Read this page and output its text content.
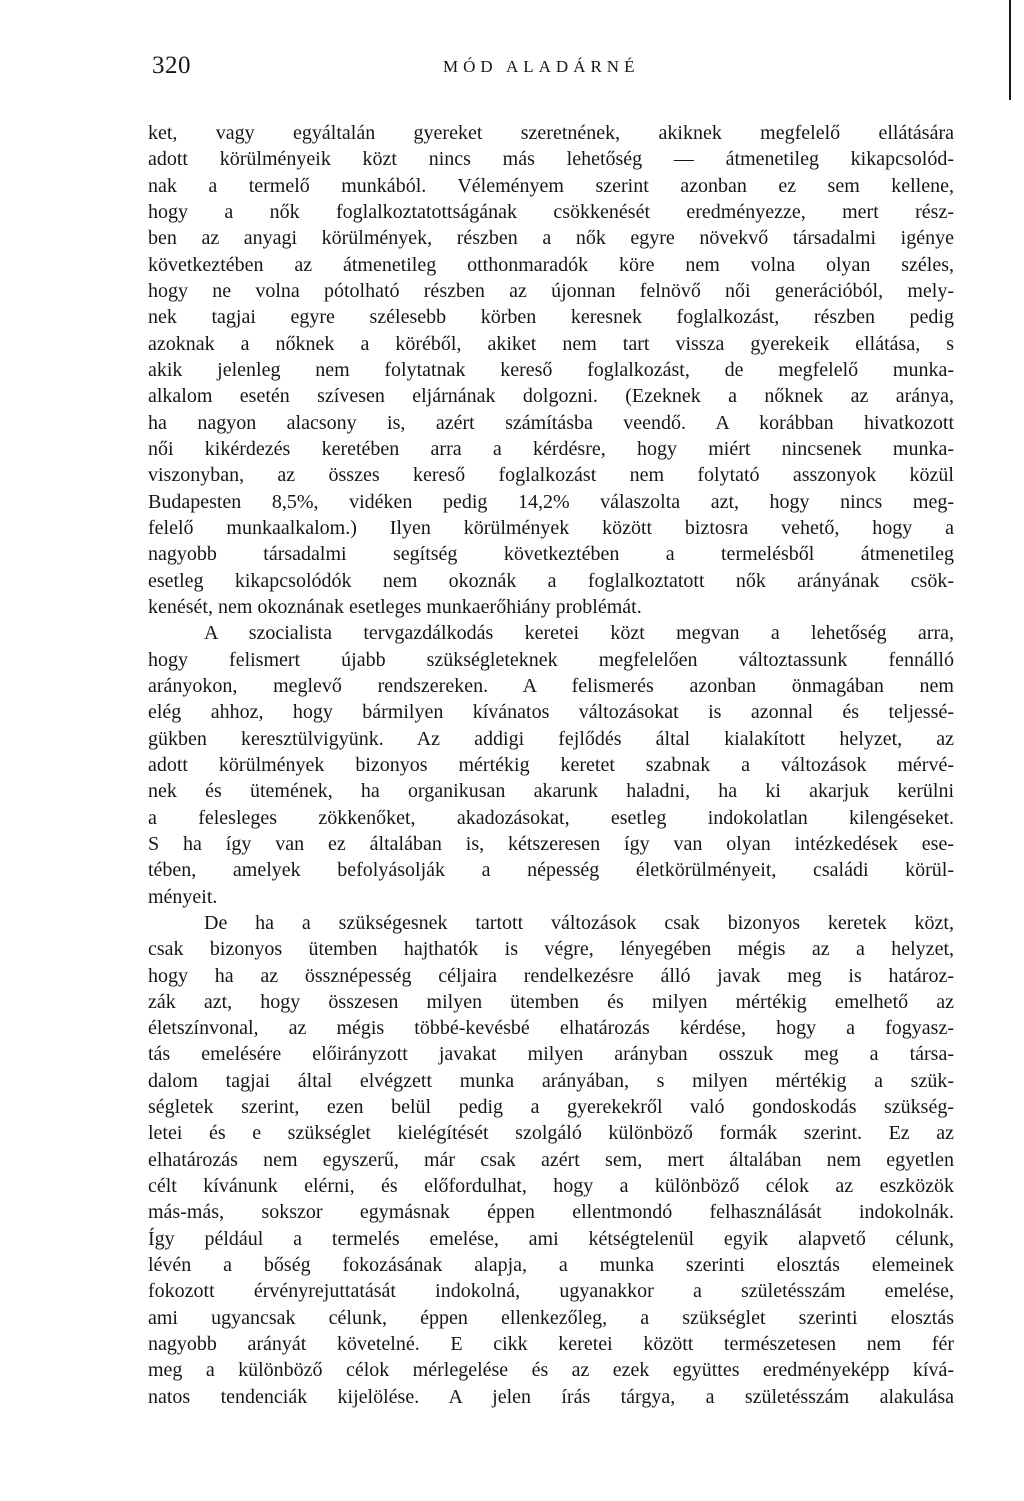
320	MÓD ALADÁRNÉ
ket, vagy egyáltalán gyereket szeretnének, akiknek megfelelő ellátására
adott körülményeik közt nincs más lehetőség — átmenetileg kikapcsolód-
nak a termelő munkából. Véleményem szerint azonban ez sem kellene,
hogy a nők foglalkoztatottságának csökkenését eredményezze, mert rész-
ben az anyagi körülmények, részben a nők egyre növekvő társadalmi igénye
következtében az átmenetileg otthonmaradók köre nem volna olyan széles,
hogy ne volna pótolható részben az újonnan felnövő női generációból, mely-
nek tagjai egyre szélesebb körben keresnek foglalkozást, részben pedig
azoknak a nőknek a köréből, akiket nem tart vissza gyerekeik ellátása, s
akik jelenleg nem folytatnak kereső foglalkozást, de megfelelő munka-
alkalom esetén szívesen eljárnának dolgozni. (Ezeknek a nőknek az aránya,
ha nagyon alacsony is, azért számításba veendő. A korábban hivatkozott
női kikérdezés keretében arra a kérdésre, hogy miért nincsenek munka-
viszonyban, az összes kereső foglalkozást nem folytató asszonyok közül
Budapesten 8,5%, vidéken pedig 14,2% válaszolta azt, hogy nincs meg-
felelő munkaalkalom.) Ilyen körülmények között biztosra vehető, hogy a
nagyobb társadalmi segítség következtében a termelésből átmenetileg
esetleg kikapcsolódók nem okoznák a foglalkoztatott nők arányának csök-
kenését, nem okoznának esetleges munkaerőhiány problémát.
A szocialista tervgazdálkodás keretei közt megvan a lehetőség arra,
hogy felismert újabb szükségleteknek megfelelően változtassunk fennálló
arányokon, meglevő rendszereken. A felismerés azonban önmagában nem
elég ahhoz, hogy bármilyen kívánatos változásokat is azonnal és teljessé-
gükben keresztülvigyünk. Az addigi fejlődés által kialakított helyzet, az
adott körülmények bizonyos mértékig keretet szabnak a változások mérvé-
nek és ütemének, ha organikusan akarunk haladni, ha ki akarjuk kerülni
a felesleges zökkenőket, akadozásokat, esetleg indokolatlan kilengéseket.
S ha így van ez általában is, kétszeresen így van olyan intézkedések ese-
tében, amelyek befolyásolják a népesség életkörülményeit, családi körül-
ményeit.
De ha a szükségesnek tartott változások csak bizonyos keretek közt,
csak bizonyos ütemben hajthatók is végre, lényegében mégis az a helyzet,
hogy ha az össznépesség céljaira rendelkezésre álló javak meg is határoz-
zák azt, hogy összesen milyen ütemben és milyen mértékig emelhető az
életszínvonal, az mégis többé-kevésbé elhatározás kérdése, hogy a fogyasz-
tás emelésére előirányzott javakat milyen arányban osszuk meg a társa-
dalom tagjai által elvégzett munka arányában, s milyen mértékig a szük-
ségletek szerint, ezen belül pedig a gyerekekről való gondoskodás szükség-
letei és e szükséglet kielégítését szolgáló különböző formák szerint. Ez az
elhatározás nem egyszerű, már csak azért sem, mert általában nem egyetlen
célt kívánunk elérni, és előfordulhat, hogy a különböző célok az eszközök
más-más, sokszor egymásnak éppen ellentmondó felhasználását indokolnák.
Így például a termelés emelése, ami kétségtelenül egyik alapvető célunk,
lévén a bőség fokozásának alapja, a munka szerinti elosztás elemeinek
fokozott érvényrejuttatását indokolná, ugyanakkor a születésszám emelése,
ami ugyancsak célunk, éppen ellenkezőleg, a szükséglet szerinti elosztás
nagyobb arányát követelné. E cikk keretei között természetesen nem fér
meg a különböző célok mérlegelése és az ezek együttes eredményeképp kívá-
natos tendenciák kijelölése. A jelen írás tárgya, a születésszám alakulása
